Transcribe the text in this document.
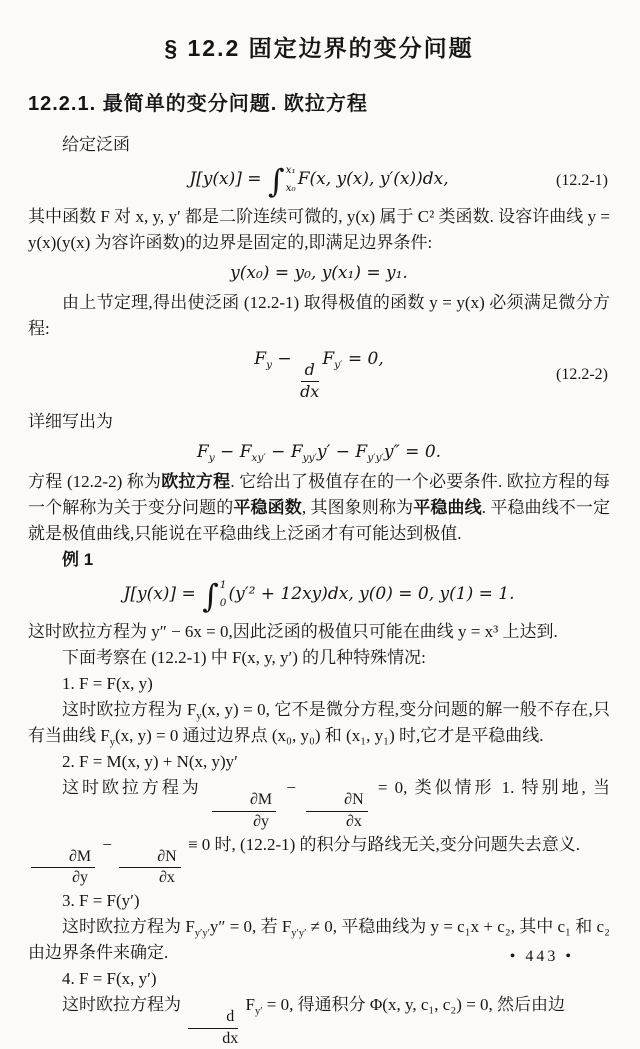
§ 12.2 固定边界的变分问题
12.2.1. 最简单的变分问题. 欧拉方程

给定泛函

J[y(x)] = ∫ x₁
x₀ F(x, y(x), y′(x))dx,	(12.2-1)

其中函数 F 对 x, y, y′ 都是二阶连续可微的, y(x) 属于 C² 类函数. 设容许曲线 y = y(x)(y(x) 为容许函数)的边界是固定的,即满足边界条件:

y(x₀) = y₀, y(x₁) = y₁.

由上节定理,得出使泛函 (12.2-1) 取得极值的函数 y = y(x) 必须满足微分方程:

$F_y$ −
$\frac{d}{dx}$
$F_{y'} = 0$,
(12.2-2)

详细写出为

$F_y - F_{xy'} - F_{yy'}y' - F_{y'y'}y'' = 0$.

方程 (12.2-2) 称为欧拉方程. 它给出了极值存在的一个必要条件. 欧拉方程的每一个解称为关于变分问题的平稳函数, 其图象则称为平稳曲线. 平稳曲线不一定就是极值曲线,只能说在平稳曲线上泛函才有可能达到极值.

例 1

J[y(x)] = ∫ 1
0 (y′² + 12xy)dx, y(0) = 0, y(1) = 1.

这时欧拉方程为 y″ − 6x = 0,因此泛函的极值只可能在曲线 y = x³ 上达到.

下面考察在 (12.2-1) 中 F(x, y, y′) 的几种特殊情况:

1. F = F(x, y)

这时欧拉方程为 $F_y(x$, y) = 0, 它不是微分方程,变分问题的解一般不存在,只有当曲线 $F_y(x$, y) = 0 通过边界点 (x₀, y₀) 和 (x₁, y₁) 时,它才是平稳曲线.

2. F = M(x, y) + N(x, y)y′

这时欧拉方程为
$\frac{\partial M}{\partial y}$
−
$\frac{\partial N}{\partial x}$
= 0, 类似情形 1. 特别地, 当
$\frac{\partial M}{\partial y}$
−
$\frac{\partial N}{\partial x}$
≡ 0 时, (12.2-1) 的积分与路线无关,变分问题失去意义.

3. F = F(y′)

这时欧拉方程为 $F_{y'y'}y'' = 0$, 若 $F_{y'y'} \ne 0$, 平稳曲线为 y = c₁x + c₂, 其中 c₁ 和 c₂ 由边界条件来确定.

4. F = F(x, y′)

这时欧拉方程为
$\frac{d}{dx}$
$F_{y'} = 0$, 得通积分 Φ(x, y, c₁, c₂) = 0, 然后由边

• 443 •
